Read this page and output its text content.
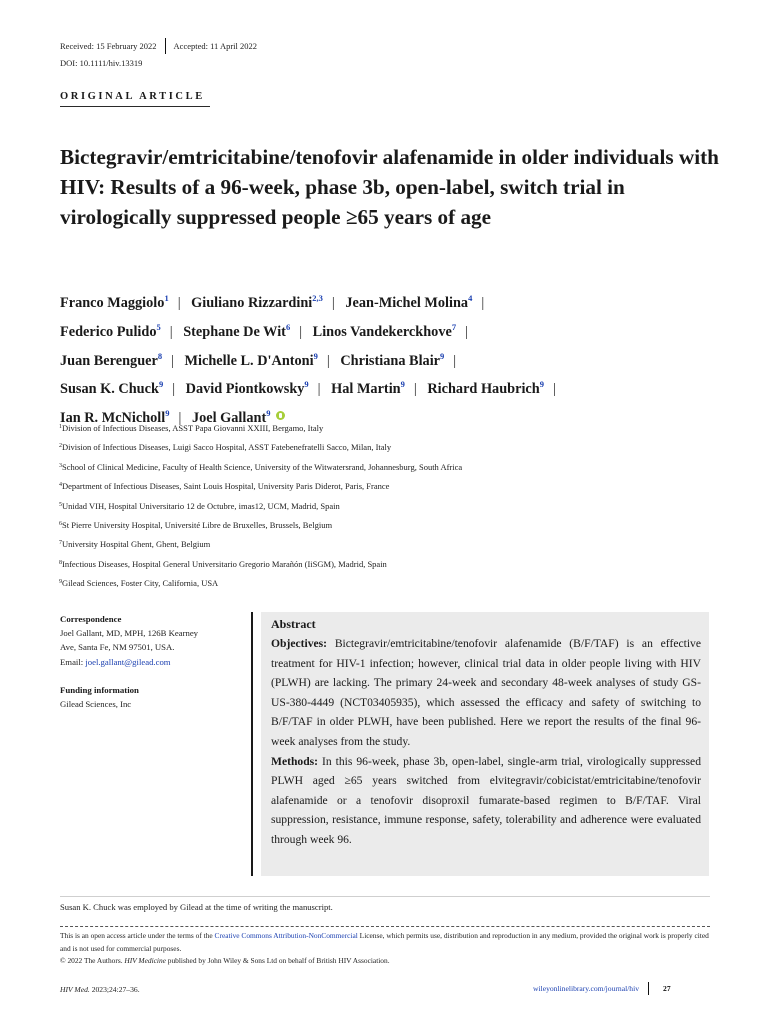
Received: 15 February 2022 Accepted: 11 April 2022
DOI: 10.1111/hiv.13319
ORIGINAL ARTICLE
Bictegravir/emtricitabine/tenofovir alafenamide in older individuals with HIV: Results of a 96-week, phase 3b, open-label, switch trial in virologically suppressed people ≥65 years of age
Franco Maggiolo$^1$ | Giuliano Rizzardini$^{2,3}$ | Jean-Michel Molina$^4$ |
Federico Pulido$^5$ | Stephane De Wit$^6$ | Linos Vandekerckhove$^7$ |
Juan Berenguer$^8$ | Michelle L. D'Antoni$^9$ | Christiana Blair$^9$ |
Susan K. Chuck$^9$ | David Piontkowsky$^9$ | Hal Martin$^9$ | Richard Haubrich$^9$ |
Ian R. McNicholl$^9$ | Joel Gallant$^9$
$^1$Division of Infectious Diseases, ASST Papa Giovanni XXIII, Bergamo, Italy
$^2$Division of Infectious Diseases, Luigi Sacco Hospital, ASST Fatebenefratelli Sacco, Milan, Italy
$^3$School of Clinical Medicine, Faculty of Health Science, University of the Witwatersrand, Johannesburg, South Africa
$^4$Department of Infectious Diseases, Saint Louis Hospital, University Paris Diderot, Paris, France
$^5$Unidad VIH, Hospital Universitario 12 de Octubre, imas12, UCM, Madrid, Spain
$^6$St Pierre University Hospital, Université Libre de Bruxelles, Brussels, Belgium
$^7$University Hospital Ghent, Ghent, Belgium
$^8$Infectious Diseases, Hospital General Universitario Gregorio Marañón (IiSGM), Madrid, Spain
$^9$Gilead Sciences, Foster City, California, USA
Correspondence
Joel Gallant, MD, MPH, 126B Kearney
Ave, Santa Fe, NM 97501, USA.
Email: joel.gallant@gilead.com
Funding information
Gilead Sciences, Inc
Abstract

Objectives: Bictegravir/emtricitabine/tenofovir alafenamide (B/F/TAF) is an effective treatment for HIV-1 infection; however, clinical trial data in older people living with HIV (PLWH) are lacking. The primary 24-week and secondary 48-week analyses of study GS-US-380-4449 (NCT03405935), which assessed the efficacy and safety of switching to B/F/TAF in older PLWH, have been published. Here we report the results of the final 96-week analyses from the study.

Methods: In this 96-week, phase 3b, open-label, single-arm trial, virologically suppressed PLWH aged ≥65 years switched from elvitegravir/cobicistat/emtricitabine/tenofovir alafenamide or a tenofovir disoproxil fumarate-based regimen to B/F/TAF. Viral suppression, resistance, immune response, safety, tolerability and adherence were evaluated through week 96.

Susan K. Chuck was employed by Gilead at the time of writing the manuscript.
This is an open access article under the terms of the Creative Commons Attribution-NonCommercial License, which permits use, distribution and reproduction in any medium, provided the original work is properly cited and is not used for commercial purposes.
© 2022 The Authors. HIV Medicine published by John Wiley & Sons Ltd on behalf of British HIV Association.
HIV Med. 2023;24:27–36.	wileyonlinelibrary.com/journal/hiv	27
